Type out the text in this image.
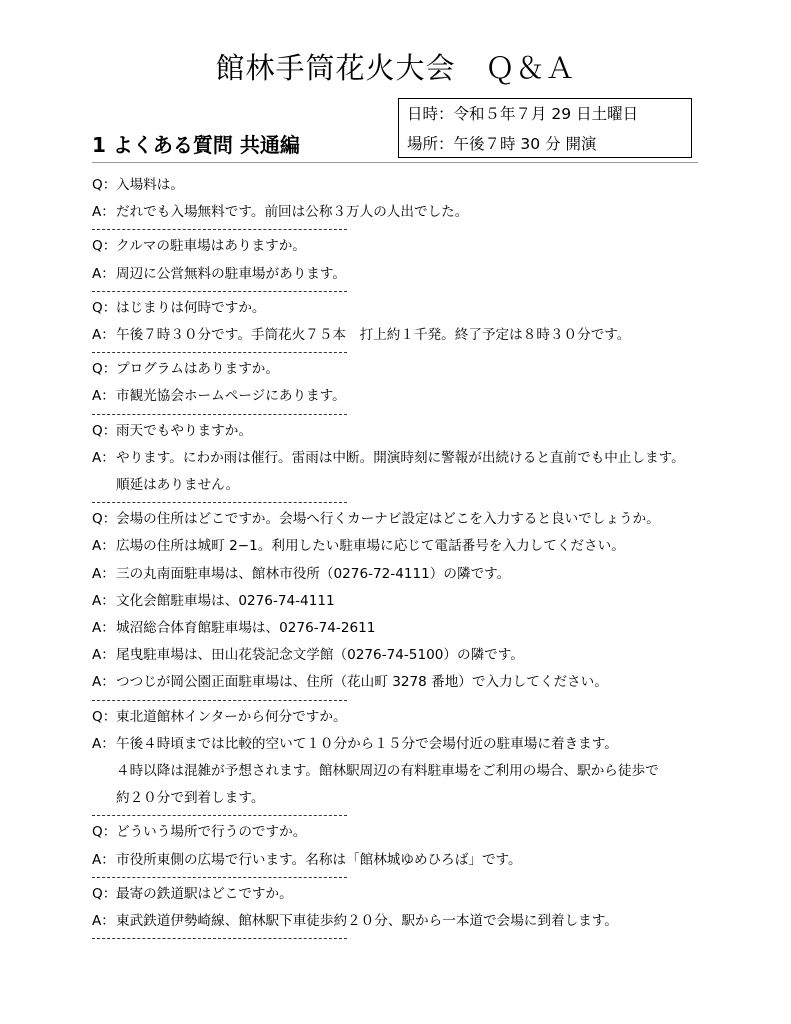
館林手筒花火大会　Ｑ＆Ａ
1 よくある質問 共通編
日時：令和５年７月 29 日土曜日
場所：午後７時 30 分 開演
Q：入場料は。
A：だれでも入場無料です。前回は公称３万人の人出でした。
Q：クルマの駐車場はありますか。
A：周辺に公営無料の駐車場があります。
Q：はじまりは何時ですか。
A：午後７時３０分です。手筒花火７５本　打上約１千発。終了予定は８時３０分です。
Q：プログラムはありますか。
A：市観光協会ホームページにあります。
Q：雨天でもやりますか。
A：やります。にわか雨は催行。雷雨は中断。開演時刻に警報が出続けると直前でも中止します。
順延はありません。
Q：会場の住所はどこですか。会場へ行くカーナビ設定はどこを入力すると良いでしょうか。
A：広場の住所は城町 2−1。利用したい駐車場に応じて電話番号を入力してください。
A：三の丸南面駐車場は、館林市役所（0276-72-4111）の隣です。
A：文化会館駐車場は、0276-74-4111
A：城沼総合体育館駐車場は、0276-74-2611
A：尾曳駐車場は、田山花袋記念文学館（0276-74-5100）の隣です。
A：つつじが岡公園正面駐車場は、住所（花山町 3278 番地）で入力してください。
Q：東北道館林インターから何分ですか。
A：午後４時頃までは比較的空いて１０分から１５分で会場付近の駐車場に着きます。
４時以降は混雑が予想されます。館林駅周辺の有料駐車場をご利用の場合、駅から徒歩で
約２０分で到着します。
Q：どういう場所で行うのですか。
A：市役所東側の広場で行います。名称は「館林城ゆめひろば」です。
Q：最寄の鉄道駅はどこですか。
A：東武鉄道伊勢崎線、館林駅下車徒歩約２０分、駅から一本道で会場に到着します。
